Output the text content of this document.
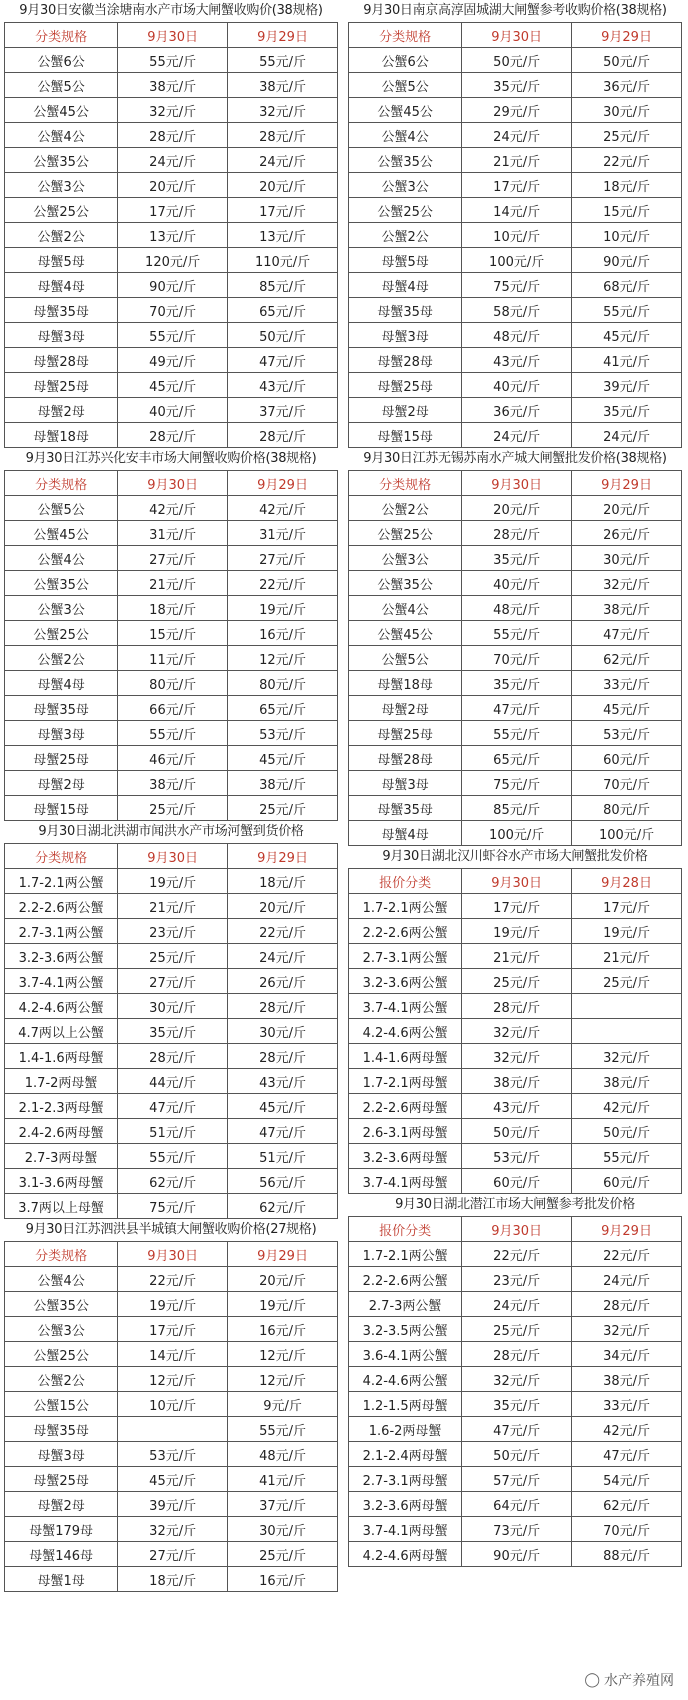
9月30日安徽当涂塘南水产市场大闸蟹收购价(38规格)
分类规格	9月30日	9月29日
公蟹6公	55元/斤	55元/斤
公蟹5公	38元/斤	38元/斤
公蟹45公	32元/斤	32元/斤
公蟹4公	28元/斤	28元/斤
公蟹35公	24元/斤	24元/斤
公蟹3公	20元/斤	20元/斤
公蟹25公	17元/斤	17元/斤
公蟹2公	13元/斤	13元/斤
母蟹5母	120元/斤	110元/斤
母蟹4母	90元/斤	85元/斤
母蟹35母	70元/斤	65元/斤
母蟹3母	55元/斤	50元/斤
母蟹28母	49元/斤	47元/斤
母蟹25母	45元/斤	43元/斤
母蟹2母	40元/斤	37元/斤
母蟹18母	28元/斤	28元/斤
9月30日江苏兴化安丰市场大闸蟹收购价格(38规格)
分类规格	9月30日	9月29日
公蟹5公	42元/斤	42元/斤
公蟹45公	31元/斤	31元/斤
公蟹4公	27元/斤	27元/斤
公蟹35公	21元/斤	22元/斤
公蟹3公	18元/斤	19元/斤
公蟹25公	15元/斤	16元/斤
公蟹2公	11元/斤	12元/斤
母蟹4母	80元/斤	80元/斤
母蟹35母	66元/斤	65元/斤
母蟹3母	55元/斤	53元/斤
母蟹25母	46元/斤	45元/斤
母蟹2母	38元/斤	38元/斤
母蟹15母	25元/斤	25元/斤
9月30日湖北洪湖市闻洪水产市场河蟹到货价格
分类规格	9月30日	9月29日
1.7-2.1两公蟹	19元/斤	18元/斤
2.2-2.6两公蟹	21元/斤	20元/斤
2.7-3.1两公蟹	23元/斤	22元/斤
3.2-3.6两公蟹	25元/斤	24元/斤
3.7-4.1两公蟹	27元/斤	26元/斤
4.2-4.6两公蟹	30元/斤	28元/斤
4.7两以上公蟹	35元/斤	30元/斤
1.4-1.6两母蟹	28元/斤	28元/斤
1.7-2两母蟹	44元/斤	43元/斤
2.1-2.3两母蟹	47元/斤	45元/斤
2.4-2.6两母蟹	51元/斤	47元/斤
2.7-3两母蟹	55元/斤	51元/斤
3.1-3.6两母蟹	62元/斤	56元/斤
3.7两以上母蟹	75元/斤	62元/斤
9月30日江苏泗洪县半城镇大闸蟹收购价格(27规格)
分类规格	9月30日	9月29日
公蟹4公	22元/斤	20元/斤
公蟹35公	19元/斤	19元/斤
公蟹3公	17元/斤	16元/斤
公蟹25公	14元/斤	12元/斤
公蟹2公	12元/斤	12元/斤
公蟹15公	10元/斤	9元/斤
母蟹35母		55元/斤
母蟹3母	53元/斤	48元/斤
母蟹25母	45元/斤	41元/斤
母蟹2母	39元/斤	37元/斤
母蟹179母	32元/斤	30元/斤
母蟹146母	27元/斤	25元/斤
母蟹1母	18元/斤	16元/斤
9月30日南京高淳固城湖大闸蟹参考收购价格(38规格)
分类规格	9月30日	9月29日
公蟹6公	50元/斤	50元/斤
公蟹5公	35元/斤	36元/斤
公蟹45公	29元/斤	30元/斤
公蟹4公	24元/斤	25元/斤
公蟹35公	21元/斤	22元/斤
公蟹3公	17元/斤	18元/斤
公蟹25公	14元/斤	15元/斤
公蟹2公	10元/斤	10元/斤
母蟹5母	100元/斤	90元/斤
母蟹4母	75元/斤	68元/斤
母蟹35母	58元/斤	55元/斤
母蟹3母	48元/斤	45元/斤
母蟹28母	43元/斤	41元/斤
母蟹25母	40元/斤	39元/斤
母蟹2母	36元/斤	35元/斤
母蟹15母	24元/斤	24元/斤
9月30日江苏无锡苏南水产城大闸蟹批发价格(38规格)
分类规格	9月30日	9月29日
公蟹2公	20元/斤	20元/斤
公蟹25公	28元/斤	26元/斤
公蟹3公	35元/斤	30元/斤
公蟹35公	40元/斤	32元/斤
公蟹4公	48元/斤	38元/斤
公蟹45公	55元/斤	47元/斤
公蟹5公	70元/斤	62元/斤
母蟹18母	35元/斤	33元/斤
母蟹2母	47元/斤	45元/斤
母蟹25母	55元/斤	53元/斤
母蟹28母	65元/斤	60元/斤
母蟹3母	75元/斤	70元/斤
母蟹35母	85元/斤	80元/斤
母蟹4母	100元/斤	100元/斤
9月30日湖北汉川虾谷水产市场大闸蟹批发价格
报价分类	9月30日	9月28日
1.7-2.1两公蟹	17元/斤	17元/斤
2.2-2.6两公蟹	19元/斤	19元/斤
2.7-3.1两公蟹	21元/斤	21元/斤
3.2-3.6两公蟹	25元/斤	25元/斤
3.7-4.1两公蟹	28元/斤	
4.2-4.6两公蟹	32元/斤	
1.4-1.6两母蟹	32元/斤	32元/斤
1.7-2.1两母蟹	38元/斤	38元/斤
2.2-2.6两母蟹	43元/斤	42元/斤
2.6-3.1两母蟹	50元/斤	50元/斤
3.2-3.6两母蟹	53元/斤	55元/斤
3.7-4.1两母蟹	60元/斤	60元/斤
9月30日湖北潜江市场大闸蟹参考批发价格
报价分类	9月30日	9月29日
1.7-2.1两公蟹	22元/斤	22元/斤
2.2-2.6两公蟹	23元/斤	24元/斤
2.7-3两公蟹	24元/斤	28元/斤
3.2-3.5两公蟹	25元/斤	32元/斤
3.6-4.1两公蟹	28元/斤	34元/斤
4.2-4.6两公蟹	32元/斤	38元/斤
1.2-1.5两母蟹	35元/斤	33元/斤
1.6-2两母蟹	47元/斤	42元/斤
2.1-2.4两母蟹	50元/斤	47元/斤
2.7-3.1两母蟹	57元/斤	54元/斤
3.2-3.6两母蟹	64元/斤	62元/斤
3.7-4.1两母蟹	73元/斤	70元/斤
4.2-4.6两母蟹	90元/斤	88元/斤
◯ 水产养殖网
